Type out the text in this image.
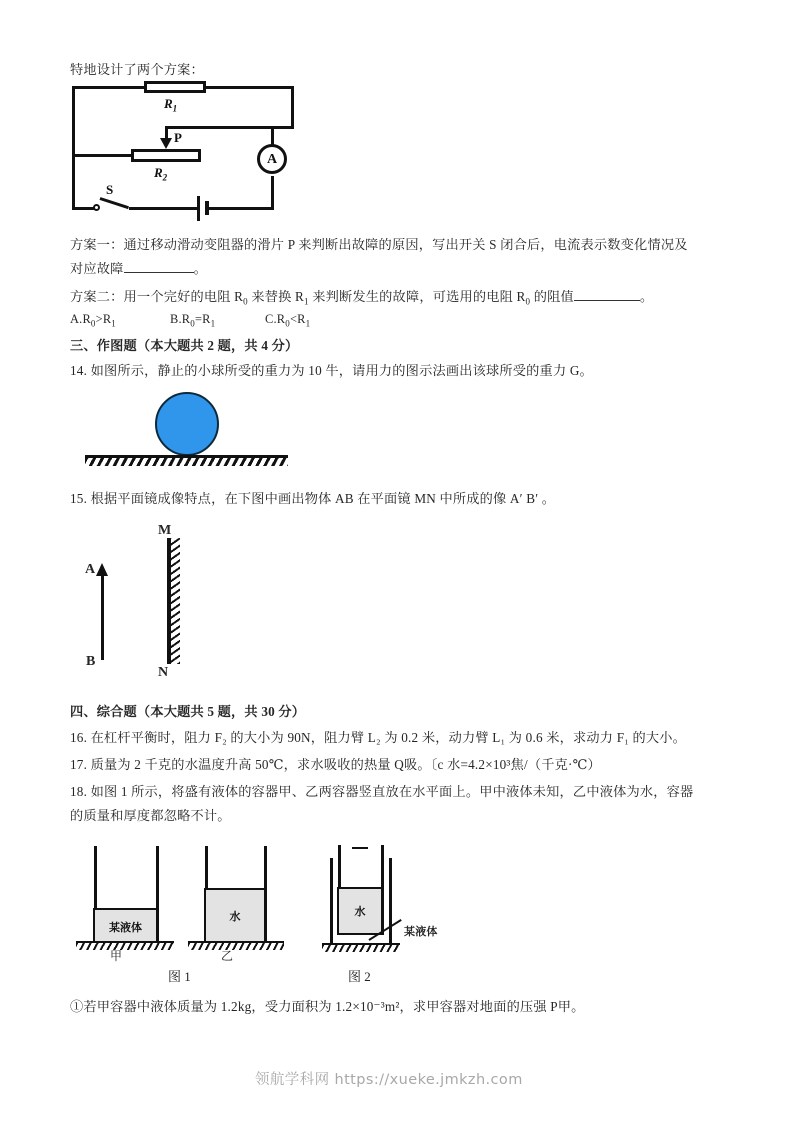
特地设计了两个方案：
$R_1$
P
$R_2$
S
A
方案一：通过移动滑动变阻器的滑片 P 来判断出故障的原因，写出开关 S 闭合后，电流表示数变化情况及
对应故障	。
方案二：用一个完好的电阻 $R_0$ 来替换 $R_1$ 来判断发生的故障，可选用的电阻 $R_0$ 的阻值	。
$A.R_0>R_1$	$B.R_0=R_1$	$C.R_0<R_1$
三、作图题（本大题共 2 题，共 4 分）
14. 如图所示，静止的小球所受的重力为 10 牛，请用力的图示法画出该球所受的重力 G。
15. 根据平面镜成像特点，在下图中画出物体 AB 在平面镜 MN 中所成的像 A′ B′ 。
A
B
M
N
四、综合题（本大题共 5 题，共 30 分）
16. 在杠杆平衡时，阻力 F₂ 的大小为 90N，阻力臂 L₂ 为 0.2 米，动力臂 L₁ 为 0.6 米，求动力 F₁ 的大小。
17. 质量为 2 千克的水温度升高 50℃，求水吸收的热量 Q吸。〔c 水=4.2×10³焦/（千克·℃）
18. 如图 1 所示，将盛有液体的容器甲、乙两容器竖直放在水平面上。甲中液体未知，乙中液体为水，容器
的质量和厚度都忽略不计。
某液体
甲
水
乙
图 1
水
某液体
图 2
①若甲容器中液体质量为 1.2kg，受力面积为 1.2×10⁻³m²，求甲容器对地面的压强 P甲。
领航学科网 https://xueke.jmkzh.com
